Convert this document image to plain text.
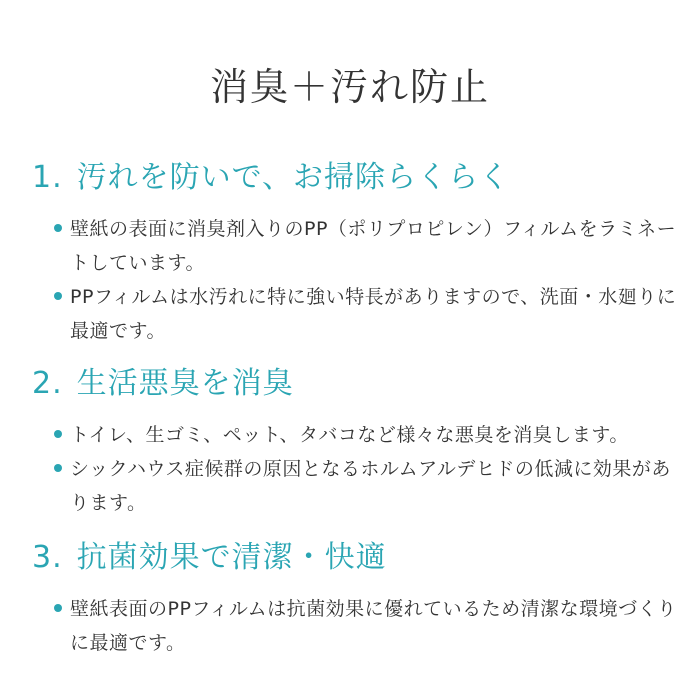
消臭＋汚れ防止
1. 汚れを防いで、お掃除らくらく
壁紙の表面に消臭剤入りのPP（ポリプロピレン）フィルムをラミネートしています。
PPフィルムは水汚れに特に強い特長がありますので、洗面・水廻りに最適です。
2. 生活悪臭を消臭
トイレ、生ゴミ、ペット、タバコなど様々な悪臭を消臭します。
シックハウス症候群の原因となるホルムアルデヒドの低減に効果があります。
3. 抗菌効果で清潔・快適
壁紙表面のPPフィルムは抗菌効果に優れているため清潔な環境づくりに最適です。
